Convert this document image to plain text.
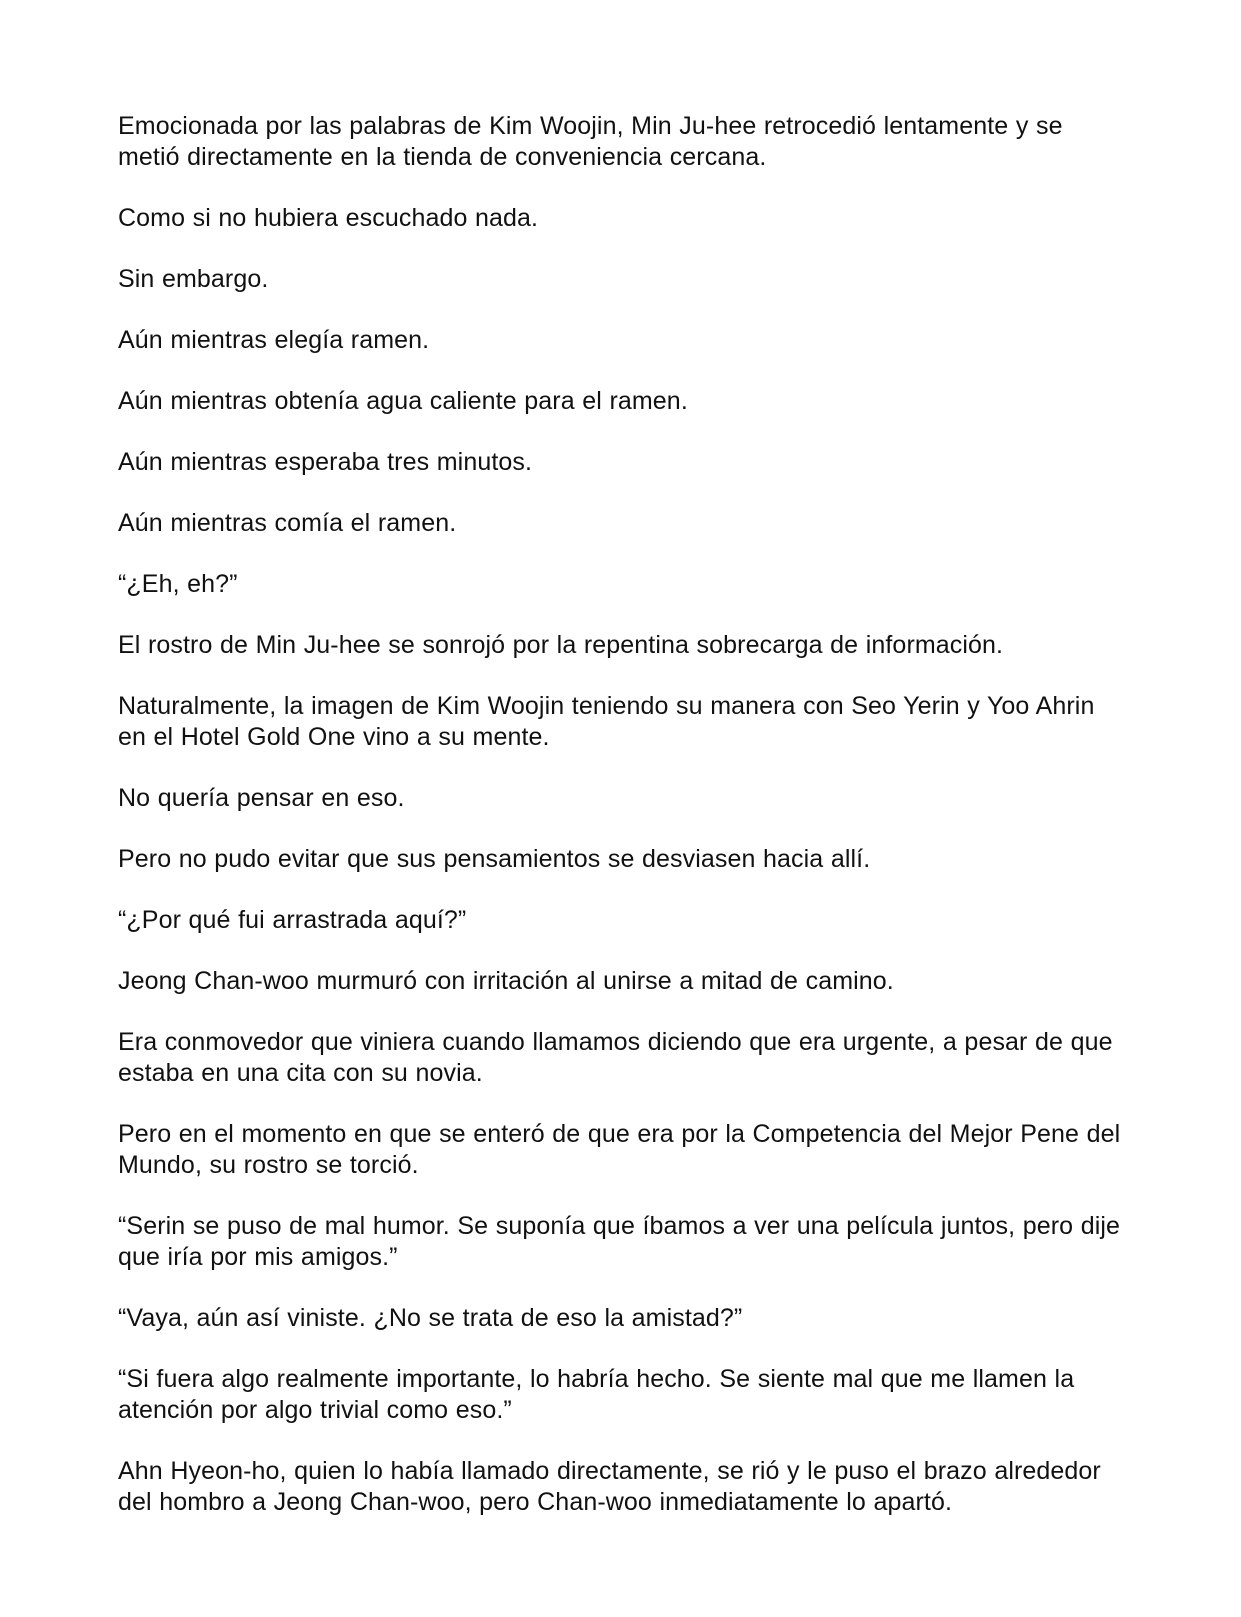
Emocionada por las palabras de Kim Woojin, Min Ju-hee retrocedió lentamente y se metió directamente en la tienda de conveniencia cercana.

Como si no hubiera escuchado nada.

Sin embargo.

Aún mientras elegía ramen.

Aún mientras obtenía agua caliente para el ramen.

Aún mientras esperaba tres minutos.

Aún mientras comía el ramen.

“¿Eh, eh?”

El rostro de Min Ju-hee se sonrojó por la repentina sobrecarga de información.

Naturalmente, la imagen de Kim Woojin teniendo su manera con Seo Yerin y Yoo Ahrin en el Hotel Gold One vino a su mente.

No quería pensar en eso.

Pero no pudo evitar que sus pensamientos se desviasen hacia allí.

“¿Por qué fui arrastrada aquí?”

Jeong Chan-woo murmuró con irritación al unirse a mitad de camino.

Era conmovedor que viniera cuando llamamos diciendo que era urgente, a pesar de que estaba en una cita con su novia.

Pero en el momento en que se enteró de que era por la Competencia del Mejor Pene del Mundo, su rostro se torció.

“Serin se puso de mal humor. Se suponía que íbamos a ver una película juntos, pero dije que iría por mis amigos.”

“Vaya, aún así viniste. ¿No se trata de eso la amistad?”

“Si fuera algo realmente importante, lo habría hecho. Se siente mal que me llamen la atención por algo trivial como eso.”

Ahn Hyeon-ho, quien lo había llamado directamente, se rió y le puso el brazo alrededor del hombro a Jeong Chan-woo, pero Chan-woo inmediatamente lo apartó.
